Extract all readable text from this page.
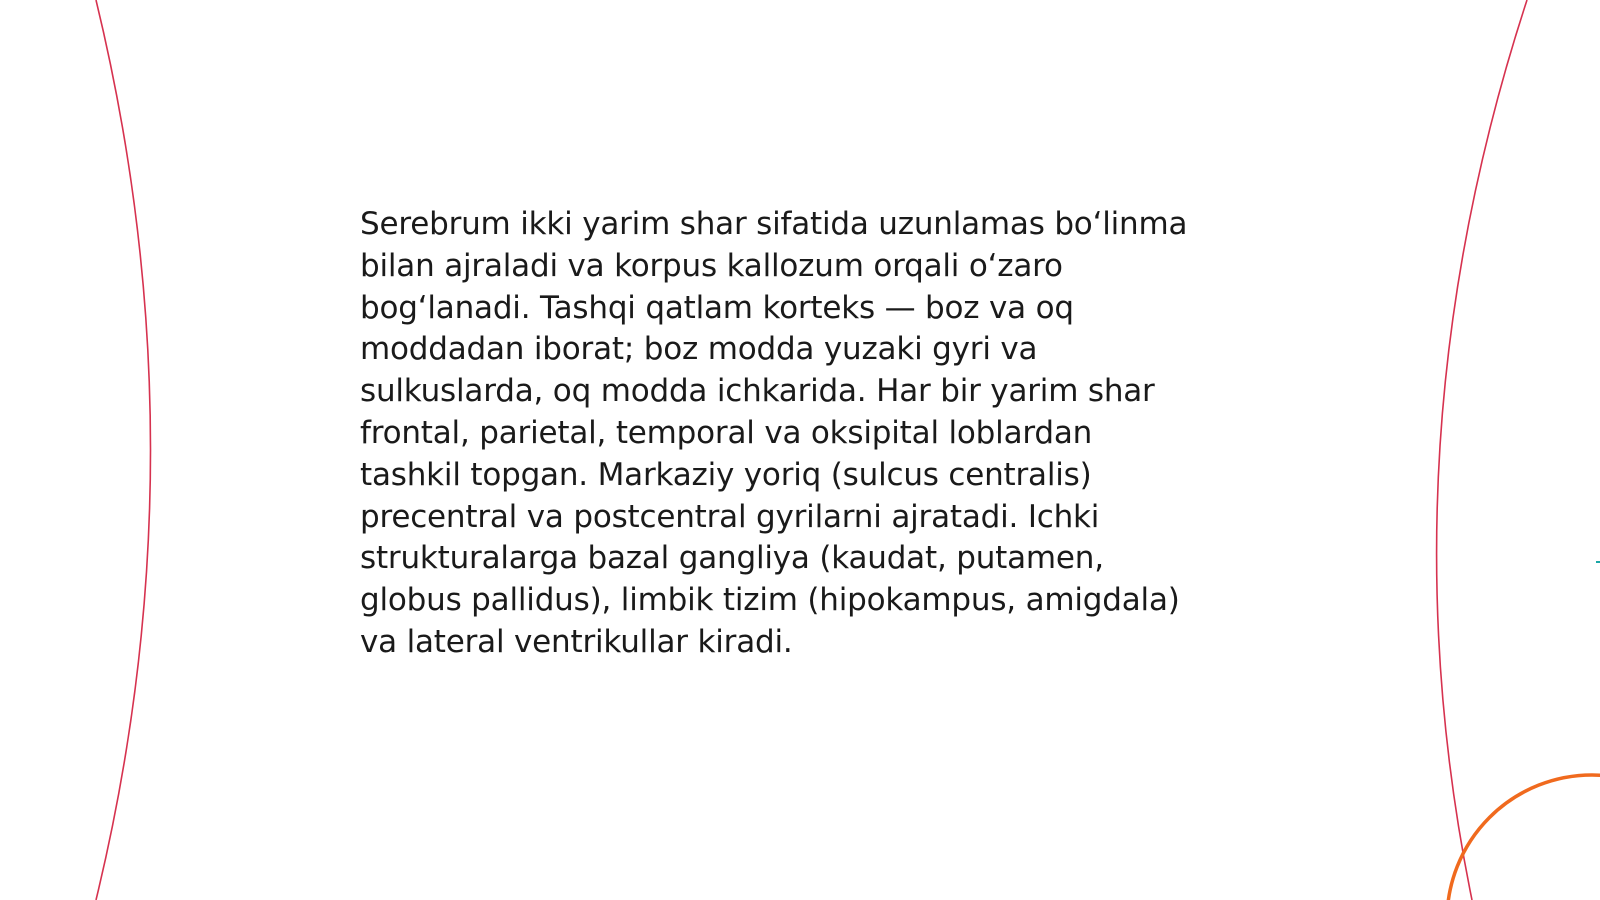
Serebrum ikki yarim shar sifatida uzunlamas bo‘linma
bilan ajraladi va korpus kallozum orqali o‘zaro
bog‘lanadi. Tashqi qatlam korteks — boz va oq
moddadan iborat; boz modda yuzaki gyri va
sulkuslarda, oq modda ichkarida. Har bir yarim shar
frontal, parietal, temporal va oksipital loblardan
tashkil topgan. Markaziy yoriq (sulcus centralis)
precentral va postcentral gyrilarni ajratadi. Ichki
strukturalarga bazal gangliya (kaudat, putamen,
globus pallidus), limbik tizim (hipokampus, amigdala)
va lateral ventrikullar kiradi.
